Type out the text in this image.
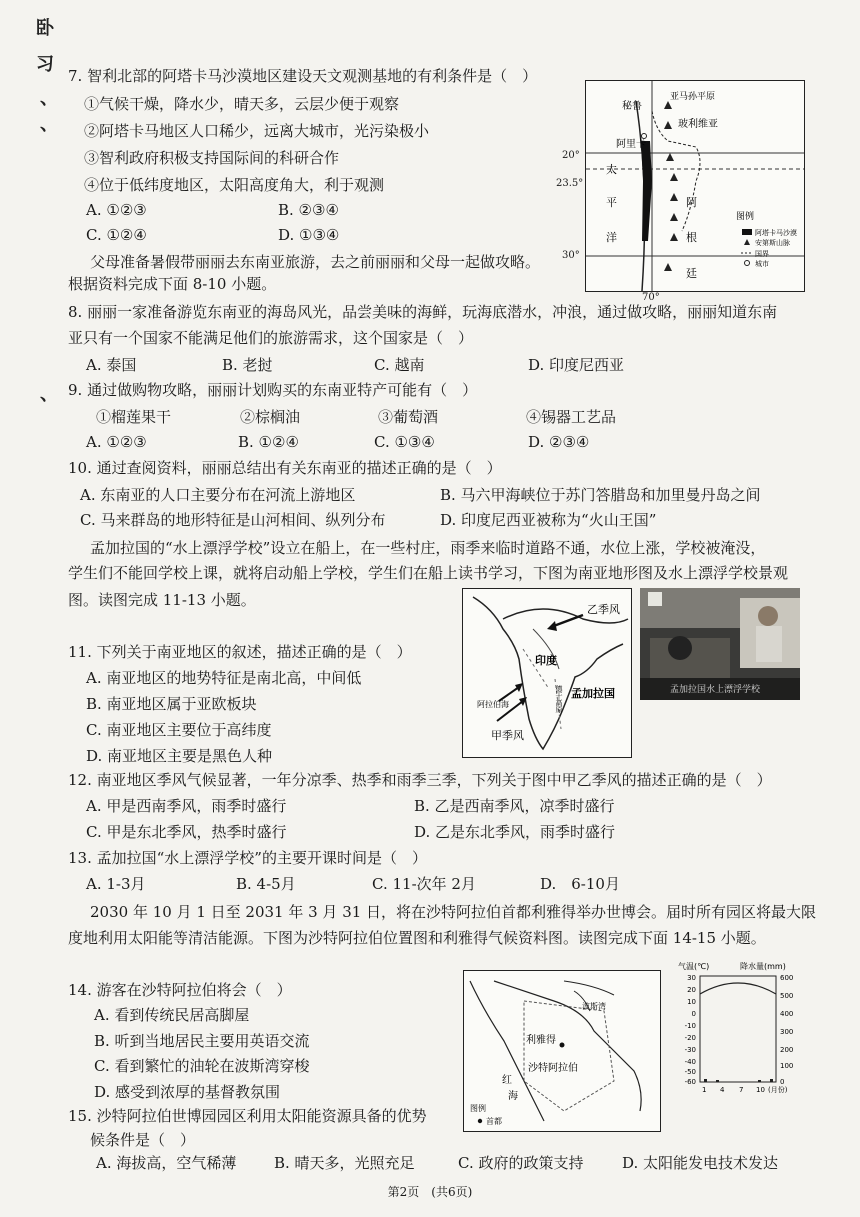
卧
习
、
、
、
7. 智利北部的阿塔卡马沙漠地区建设天文观测基地的有利条件是（　）
①气候干燥，降水少，晴天多，云层少便于观察
②阿塔卡马地区人口稀少，远离大城市，光污染极小
③智利政府积极支持国际间的科研合作
④位于低纬度地区，太阳高度角大，利于观测
A. ①②③	B. ②③④
C. ①②④	D. ①③④
秘鲁
亚马孙平原
玻利维亚
阿里卡
太
平
洋
阿
根
廷
图例
阿塔卡马沙漠
安第斯山脉
国界
城市
20°
23.5°
30°
70°
父母准备暑假带丽丽去东南亚旅游，去之前丽丽和父母一起做攻略。
根据资料完成下面 8-10 小题。
8. 丽丽一家准备游览东南亚的海岛风光，品尝美味的海鲜，玩海底潜水，冲浪，通过做攻略，丽丽知道东南
亚只有一个国家不能满足他们的旅游需求，这个国家是（　）
A. 泰国	B. 老挝	C. 越南	D. 印度尼西亚
9. 通过做购物攻略，丽丽计划购买的东南亚特产可能有（　）
①榴莲果干	②棕榈油	③葡萄酒	④锡器工艺品
A. ①②③	B. ①②④	C. ①③④	D. ②③④
10. 通过查阅资料，丽丽总结出有关东南亚的描述正确的是（　）
A. 东南亚的人口主要分布在河流上游地区	B. 马六甲海峡位于苏门答腊岛和加里曼丹岛之间
C. 马来群岛的地形特征是山河相间、纵列分布	D. 印度尼西亚被称为“火山王国”
孟加拉国的“水上漂浮学校”设立在船上，在一些村庄，雨季来临时道路不通，水位上涨，学校被淹没，
学生们不能回学校上课，就将启动船上学校，学生们在船上读书学习，下图为南亚地形图及水上漂浮学校景观
图。读图完成 11-13 小题。
乙季风
印度
阿拉伯海
甲季风
孟加拉国
德干高原	孟加拉国水上漂浮学校
11. 下列关于南亚地区的叙述，描述正确的是（　）
A. 南亚地区的地势特征是南北高，中间低
B. 南亚地区属于亚欧板块
C. 南亚地区主要位于高纬度
D. 南亚地区主要是黑色人种
12. 南亚地区季风气候显著，一年分凉季、热季和雨季三季，下列关于图中甲乙季风的描述正确的是（　）
A. 甲是西南季风，雨季时盛行	B. 乙是西南季风，凉季时盛行
C. 甲是东北季风，热季时盛行	D. 乙是东北季风，雨季时盛行
13. 孟加拉国“水上漂浮学校”的主要开课时间是（　）
A. 1-3月	B. 4-5月	C. 11-次年 2月	D.　6-10月
2030 年 10 月 1 日至 2031 年 3 月 31 日，将在沙特阿拉伯首都利雅得举办世博会。届时所有园区将最大限
度地利用太阳能等清洁能源。下图为沙特阿拉伯位置图和利雅得气候资料图。读图完成下面 14-15 小题。
14. 游客在沙特阿拉伯将会（　）
A. 看到传统民居高脚屋
B. 听到当地居民主要用英语交流
C. 看到繁忙的油轮在波斯湾穿梭
D. 感受到浓厚的基督教氛围
15. 沙特阿拉伯世博园园区利用太阳能资源具备的优势
候条件是（　）
A. 海拔高，空气稀薄	B. 晴天多，光照充足	C. 政府的政策支持	D. 太阳能发电技术发达
利雅得
沙特阿拉伯
红
海
波斯湾
图例
首都
气温(℃)	降水量(mm)
30
20
10
0
-10
-20
-30
-40
-50
-60
600
500
400
300
200
100
0
1 4 7 10 (月份)
第2页　(共6页)
